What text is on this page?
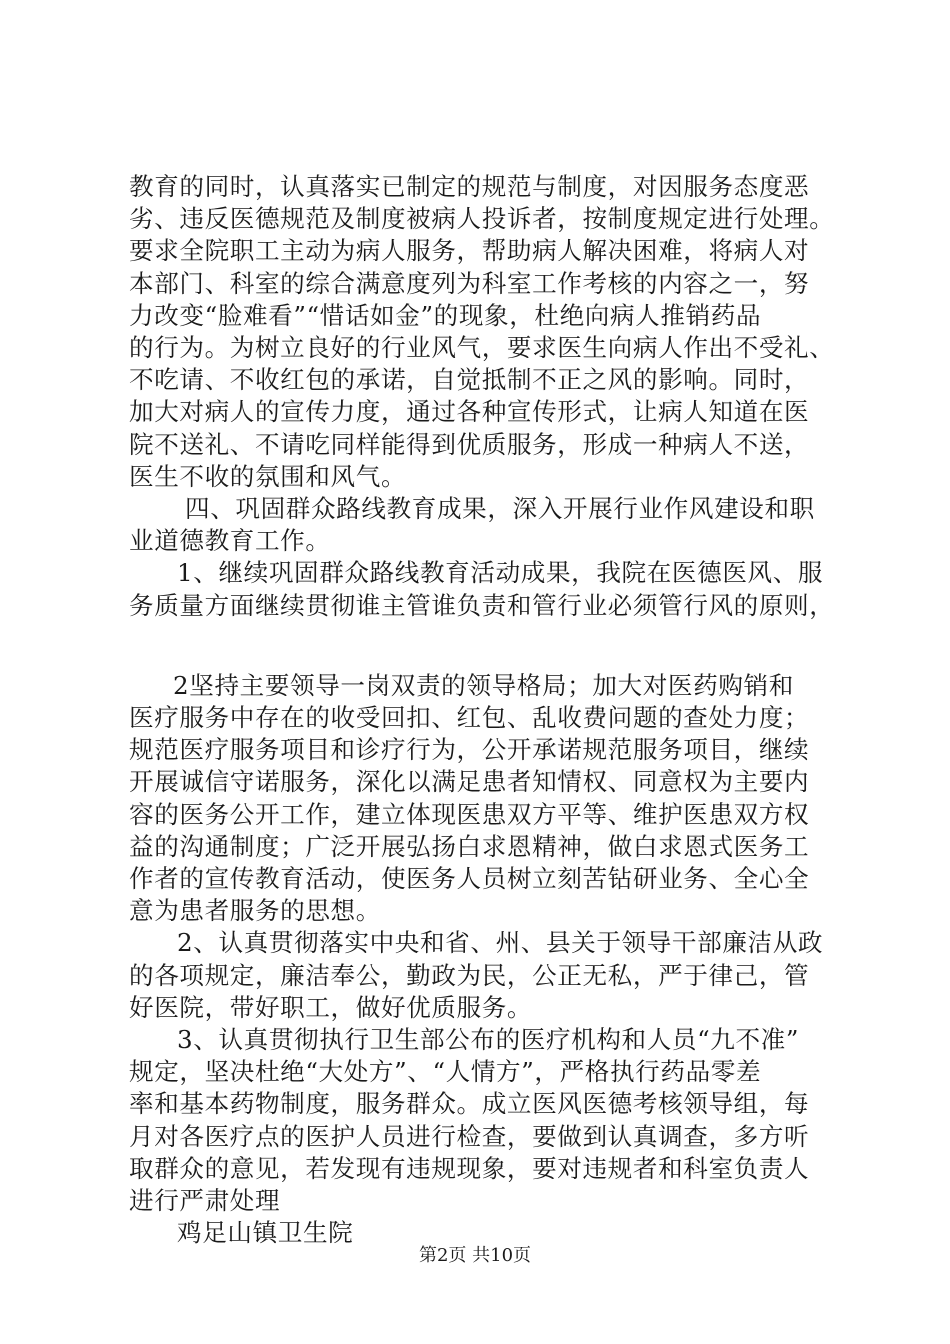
教育的同时，认真落实已制定的规范与制度，对因服务态度恶
劣、违反医德规范及制度被病人投诉者，按制度规定进行处理。
要求全院职工主动为病人服务，帮助病人解决困难，将病人对
本部门、科室的综合满意度列为科室工作考核的内容之一，努
力改变“脸难看”“惜话如金”的现象，杜绝向病人推销药品
的行为。为树立良好的行业风气，要求医生向病人作出不受礼、
不吃请、不收红包的承诺，自觉抵制不正之风的影响。同时，
加大对病人的宣传力度，通过各种宣传形式，让病人知道在医
院不送礼、不请吃同样能得到优质服务，形成一种病人不送，
医生不收的氛围和风气。

四、巩固群众路线教育成果，深入开展行业作风建设和职
业道德教育工作。

1、继续巩固群众路线教育活动成果，我院在医德医风、服
务质量方面继续贯彻谁主管谁负责和管行业必须管行风的原则，

2坚持主要领导一岗双责的领导格局；加大对医药购销和
医疗服务中存在的收受回扣、红包、乱收费问题的查处力度；
规范医疗服务项目和诊疗行为，公开承诺规范服务项目，继续
开展诚信守诺服务，深化以满足患者知情权、同意权为主要内
容的医务公开工作，建立体现医患双方平等、维护医患双方权
益的沟通制度；广泛开展弘扬白求恩精神，做白求恩式医务工
作者的宣传教育活动，使医务人员树立刻苦钻研业务、全心全
意为患者服务的思想。

2、认真贯彻落实中央和省、州、县关于领导干部廉洁从政
的各项规定，廉洁奉公，勤政为民，公正无私，严于律己，管
好医院，带好职工，做好优质服务。

3、认真贯彻执行卫生部公布的医疗机构和人员“九不准”
规定，坚决杜绝“大处方”、“人情方”，严格执行药品零差
率和基本药物制度，服务群众。成立医风医德考核领导组，每
月对各医疗点的医护人员进行检查，要做到认真调查，多方听
取群众的意见，若发现有违规现象，要对违规者和科室负责人
进行严肃处理

鸡足山镇卫生院

第2页 共10页
